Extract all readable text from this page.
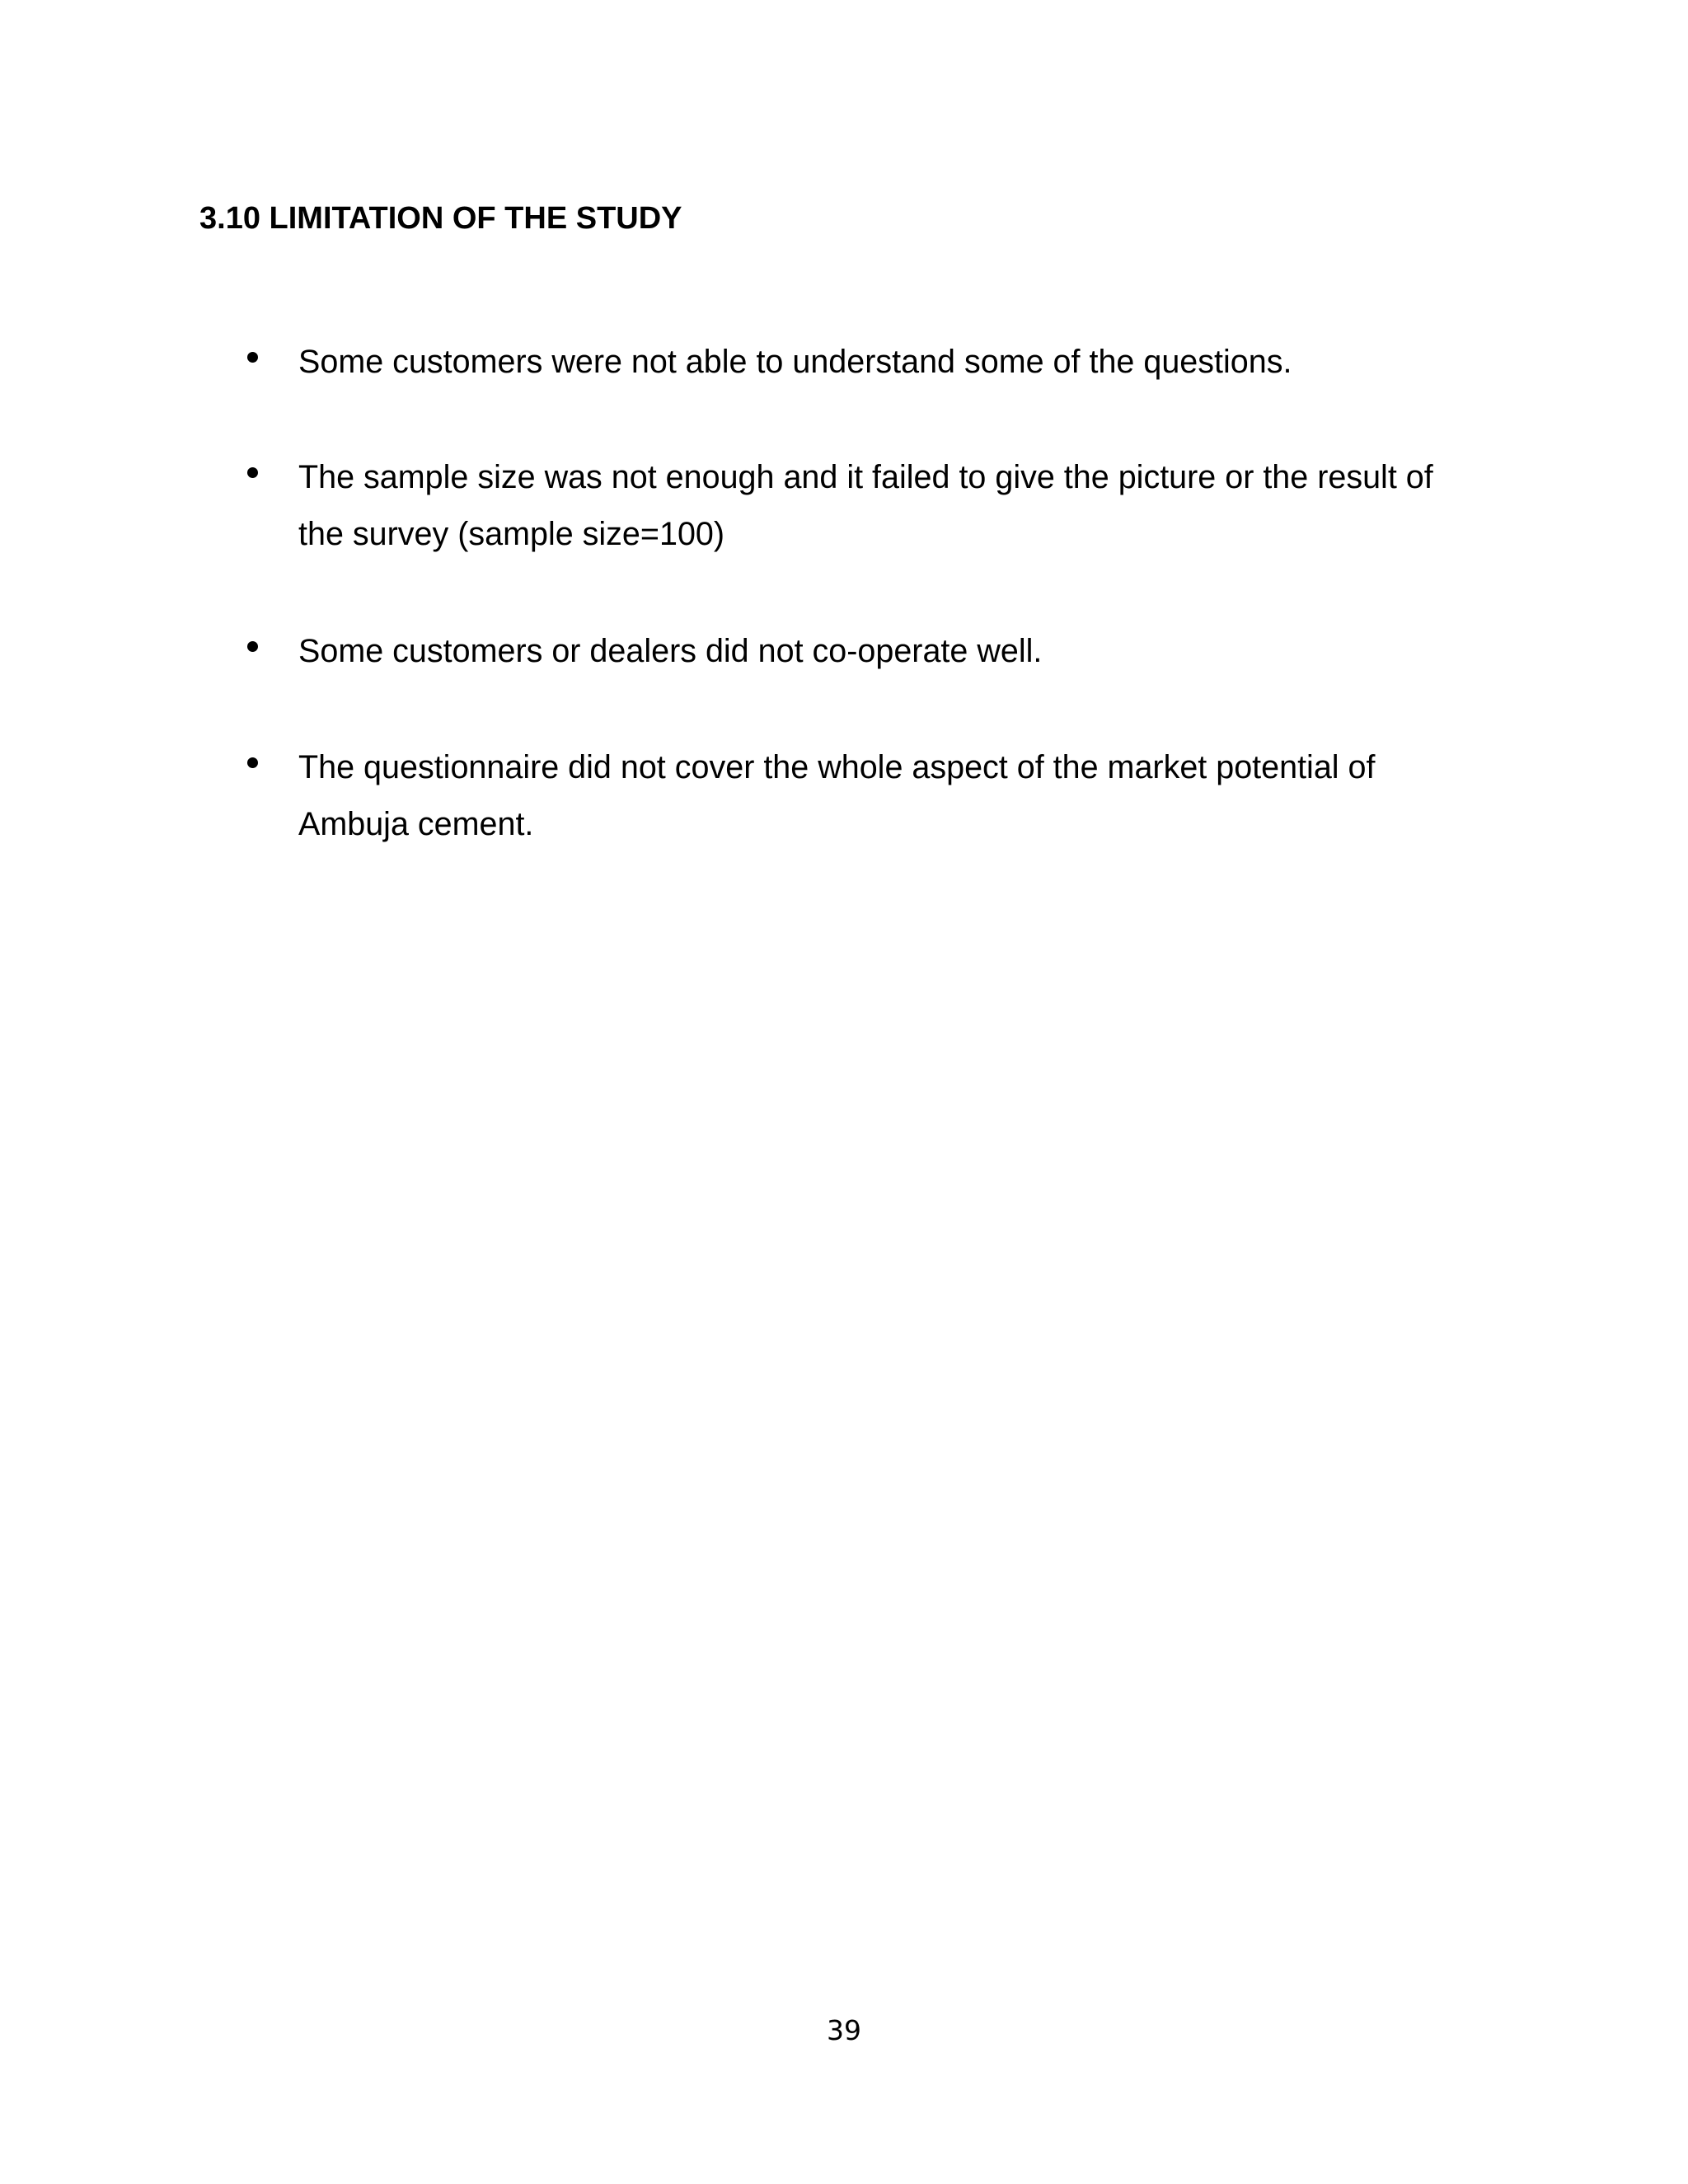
3.10 LIMITATION OF THE STUDY
Some customers were not able to understand some of the questions.
The sample size was not enough and it failed to give the picture or the result of the survey (sample size=100)
Some customers or dealers did not co-operate well.
The questionnaire did not cover the whole aspect of the market potential of Ambuja cement.
39
